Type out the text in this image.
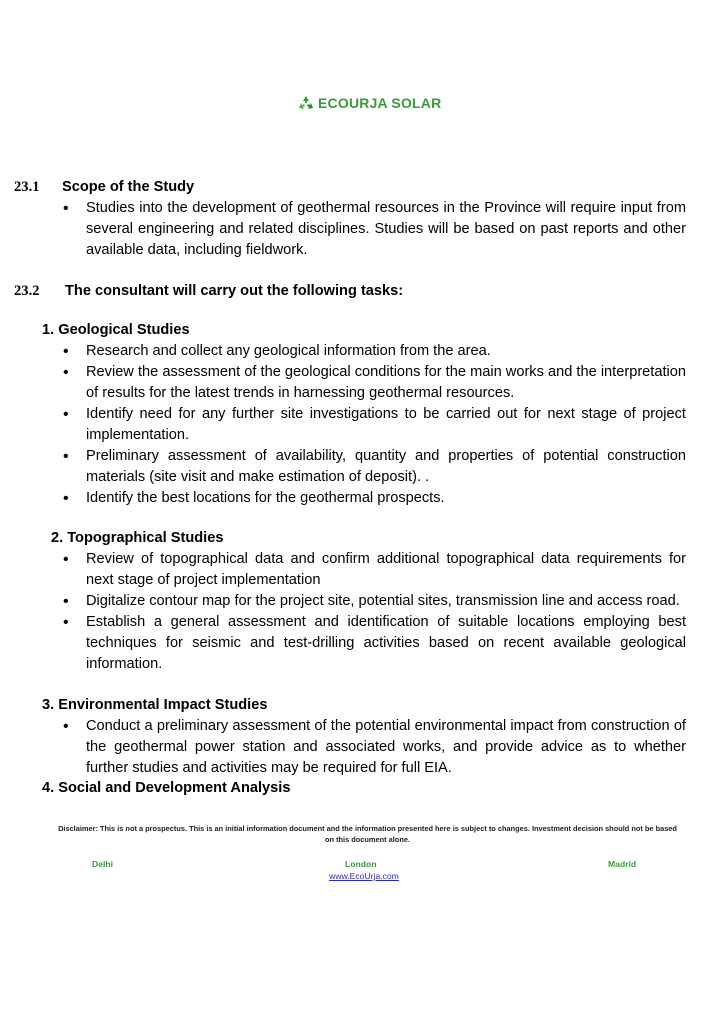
ECOURJA SOLAR
23.1 Scope of the Study
• Studies into the development of geothermal resources in the Province will require input from several engineering and related disciplines. Studies will be based on past reports and other available data, including fieldwork.
23.2 The consultant will carry out the following tasks:
1. Geological Studies
• Research and collect any geological information from the area.
• Review the assessment of the geological conditions for the main works and the interpretation of results for the latest trends in harnessing geothermal resources.
• Identify need for any further site investigations to be carried out for next stage of project implementation.
• Preliminary assessment of availability, quantity and properties of potential construction materials (site visit and make estimation of deposit). .
• Identify the best locations for the geothermal prospects.
2. Topographical Studies
• Review of topographical data and confirm additional topographical data requirements for next stage of project implementation
• Digitalize contour map for the project site, potential sites, transmission line and access road.
• Establish a general assessment and identification of suitable locations employing best techniques for seismic and test-drilling activities based on recent available geological information.
3. Environmental Impact Studies
• Conduct a preliminary assessment of the potential environmental impact from construction of the geothermal power station and associated works, and provide advice as to whether further studies and activities may be required for full EIA.
4. Social and Development Analysis
Disclaimer: This is not a prospectus. This is an initial information document and the information presented here is subject to changes. Investment decision should not be based on this document alone.
Delhi	London	Madrid
www.EcoUrja.com
